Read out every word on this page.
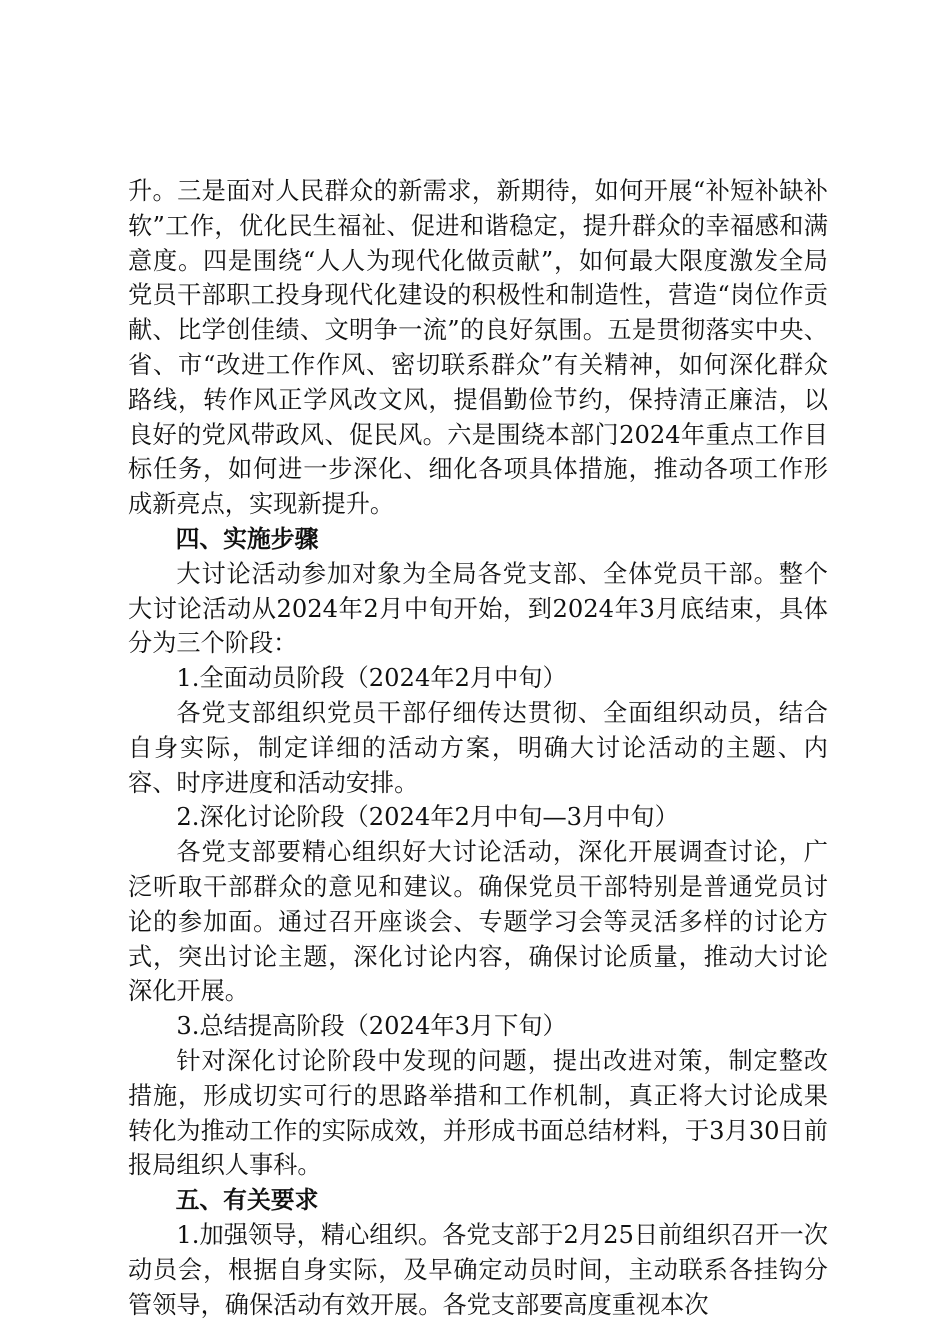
升。三是面对人民群众的新需求，新期待，如何开展“补短补缺补软”工作，优化民生福祉、促进和谐稳定，提升群众的幸福感和满意度。四是围绕“人人为现代化做贡献”，如何最大限度激发全局党员干部职工投身现代化建设的积极性和制造性，营造“岗位作贡献、比学创佳绩、文明争一流”的良好氛围。五是贯彻落实中央、省、市“改进工作作风、密切联系群众”有关精神，如何深化群众路线，转作风正学风改文风，提倡勤俭节约，保持清正廉洁，以良好的党风带政风、促民风。六是围绕本部门2024年重点工作目标任务，如何进一步深化、细化各项具体措施，推动各项工作形成新亮点，实现新提升。

四、实施步骤

大讨论活动参加对象为全局各党支部、全体党员干部。整个大讨论活动从2024年2月中旬开始，到2024年3月底结束，具体分为三个阶段：

1.全面动员阶段（2024年2月中旬）

各党支部组织党员干部仔细传达贯彻、全面组织动员，结合自身实际，制定详细的活动方案，明确大讨论活动的主题、内容、时序进度和活动安排。

2.深化讨论阶段（2024年2月中旬—3月中旬）

各党支部要精心组织好大讨论活动，深化开展调查讨论，广泛听取干部群众的意见和建议。确保党员干部特别是普通党员讨论的参加面。通过召开座谈会、专题学习会等灵活多样的讨论方式，突出讨论主题，深化讨论内容，确保讨论质量，推动大讨论深化开展。

3.总结提高阶段（2024年3月下旬）

针对深化讨论阶段中发现的问题，提出改进对策，制定整改措施，形成切实可行的思路举措和工作机制，真正将大讨论成果转化为推动工作的实际成效，并形成书面总结材料，于3月30日前报局组织人事科。

五、有关要求

1.加强领导，精心组织。各党支部于2月25日前组织召开一次动员会，根据自身实际，及早确定动员时间，主动联系各挂钩分管领导，确保活动有效开展。各党支部要高度重视本次
